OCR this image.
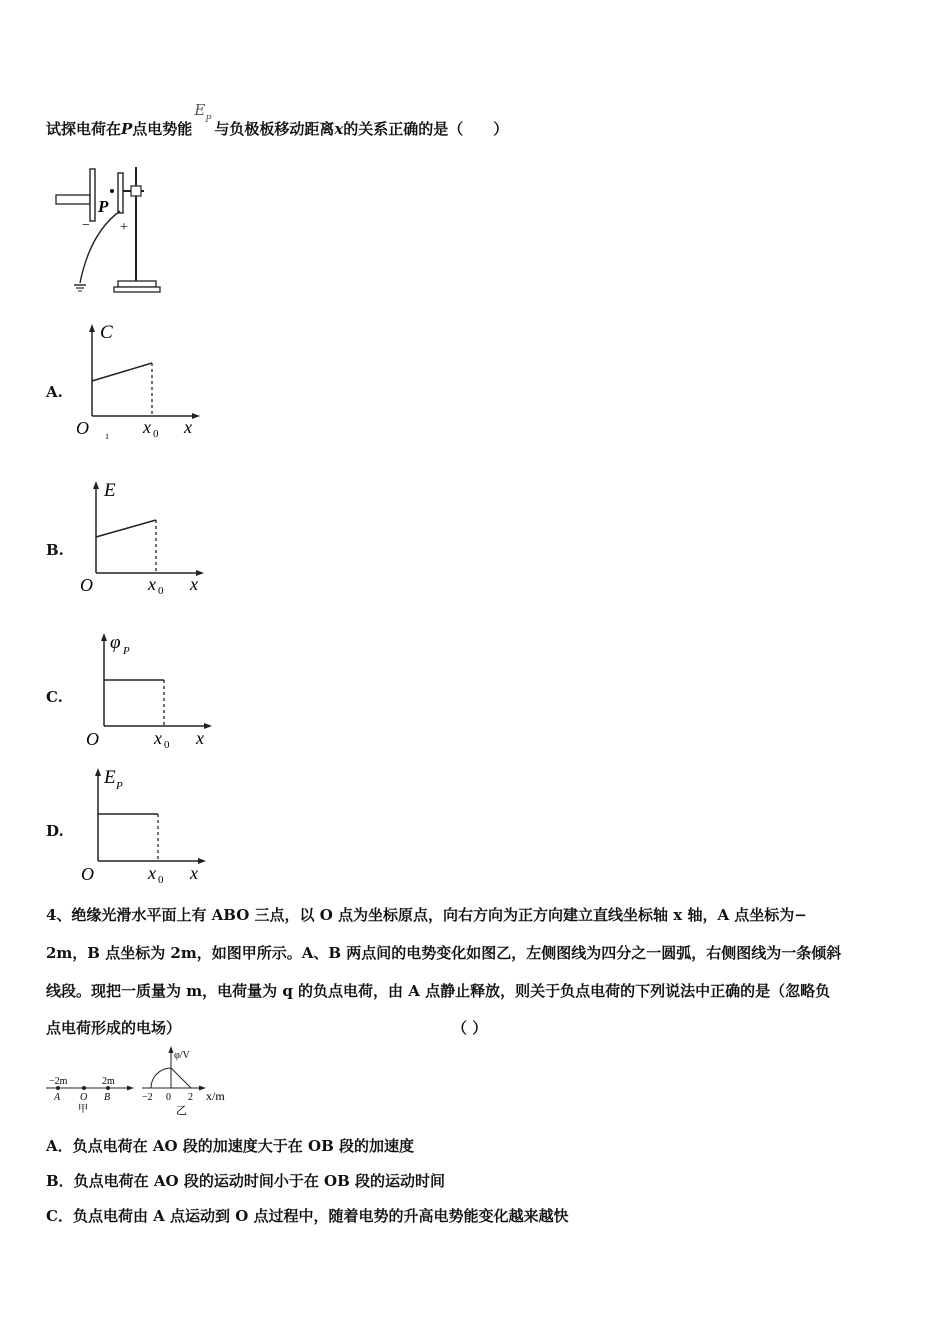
试探电荷在P点电势能
E
P 与负极板移动距离x的关系正确的是（　　）
P
− +
A.
C
O	x 0 x
1
B.
E
O	x 0 x
C.
φ P
O	x 0 x
D.
E P
O	x 0 x
4、绝缘光滑水平面上有 ABO 三点，以 O 点为坐标原点，向右方向为正方向建立直线坐标轴 x 轴，A 点坐标为−
2m，B 点坐标为 2m，如图甲所示。A、B 两点间的电势变化如图乙，左侧图线为四分之一圆弧，右侧图线为一条倾斜
线段。现把一质量为 m，电荷量为 q 的负点电荷，由 A 点静止释放，则关于负点电荷的下列说法中正确的是（忽略负
点电荷形成的电场）	（ ）
−2m	2m
A O B
甲
φ/V
x/m
−2 0 2
乙
A．负点电荷在 AO 段的加速度大于在 OB 段的加速度
B．负点电荷在 AO 段的运动时间小于在 OB 段的运动时间
C．负点电荷由 A 点运动到 O 点过程中，随着电势的升高电势能变化越来越快
